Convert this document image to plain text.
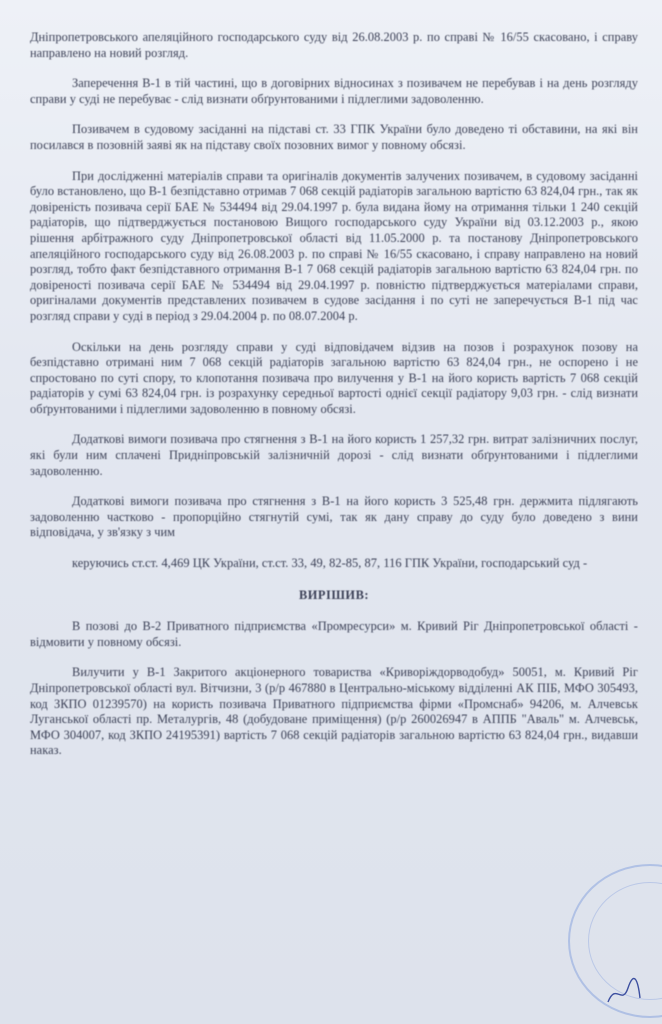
Дніпропетровського апеляційного господарського суду від 26.08.2003 р. по справі № 16/55 скасовано, і справу направлено на новий розгляд.

Заперечення В-1 в тій частині, що в договірних відносинах з позивачем не перебував і на день розгляду справи у суді не перебуває - слід визнати обґрунтованими і підлеглими задоволенню.

Позивачем в судовому засіданні на підставі ст. 33 ГПК України було доведено ті обставини, на які він посилався в позовній заяві як на підставу своїх позовних вимог у повному обсязі.

При дослідженні матеріалів справи та оригіналів документів залучених позивачем, в судовому засіданні було встановлено, що В-1 безпідставно отримав 7 068 секцій радіаторів загальною вартістю 63 824,04 грн., так як довіреність позивача серії БАЕ № 534494 від 29.04.1997 р. була видана йому на отримання тільки 1 240 секцій радіаторів, що підтверджується постановою Вищого господарського суду України від 03.12.2003 р., якою рішення арбітражного суду Дніпропетровської області від 11.05.2000 р. та постанову Дніпропетровського апеляційного господарського суду від 26.08.2003 р. по справі № 16/55 скасовано, і справу направлено на новий розгляд, тобто факт безпідставного отримання В-1 7 068 секцій радіаторів загальною вартістю 63 824,04 грн. по довіреності позивача серії БАЕ № 534494 від 29.04.1997 р. повністю підтверджується матеріалами справи, оригіналами документів представлених позивачем в судове засідання і по суті не заперечується В-1 під час розгляд справи у суді в період з 29.04.2004 р. по 08.07.2004 р.

Оскільки на день розгляду справи у суді відповідачем відзив на позов і розрахунок позову на безпідставно отримані ним 7 068 секцій радіаторів загальною вартістю 63 824,04 грн., не оспорено і не спростовано по суті спору, то клопотання позивача про вилучення у В-1 на його користь вартість 7 068 секцій радіаторів у сумі 63 824,04 грн. із розрахунку середньої вартості однієї секції радіатору 9,03 грн. - слід визнати обґрунтованими і підлеглими задоволенню в повному обсязі.

Додаткові вимоги позивача про стягнення з В-1 на його користь 1 257,32 грн. витрат залізничних послуг, які були ним сплачені Придніпровській залізничній дорозі - слід визнати обґрунтованими і підлеглими задоволенню.

Додаткові вимоги позивача про стягнення з В-1 на його користь 3 525,48 грн. держмита підлягають задоволенню частково - пропорційно стягнутій сумі, так як дану справу до суду було доведено з вини відповідача, у зв'язку з чим

керуючись ст.ст. 4,469 ЦК України, ст.ст. 33, 49, 82-85, 87, 116 ГПК України, господарський суд -

ВИРІШИВ:

В позові до В-2 Приватного підприємства «Промресурси» м. Кривий Ріг Дніпропетровської області - відмовити у повному обсязі.

Вилучити у В-1 Закритого акціонерного товариства «Криворіждорводобуд» 50051, м. Кривий Ріг Дніпропетровської області вул. Вітчизни, 3 (р/р 467880 в Центрально-міському відділенні АК ПІБ, МФО 305493, код ЗКПО 01239570) на користь позивача Приватного підприємства фірми «Промснаб» 94206, м. Алчевськ Луганської області пр. Металургів, 48 (добудоване приміщення) (р/р 260026947 в АППБ "Аваль" м. Алчевськ, МФО 304007, код ЗКПО 24195391) вартість 7 068 секцій радіаторів загальною вартістю 63 824,04 грн., видавши наказ.
